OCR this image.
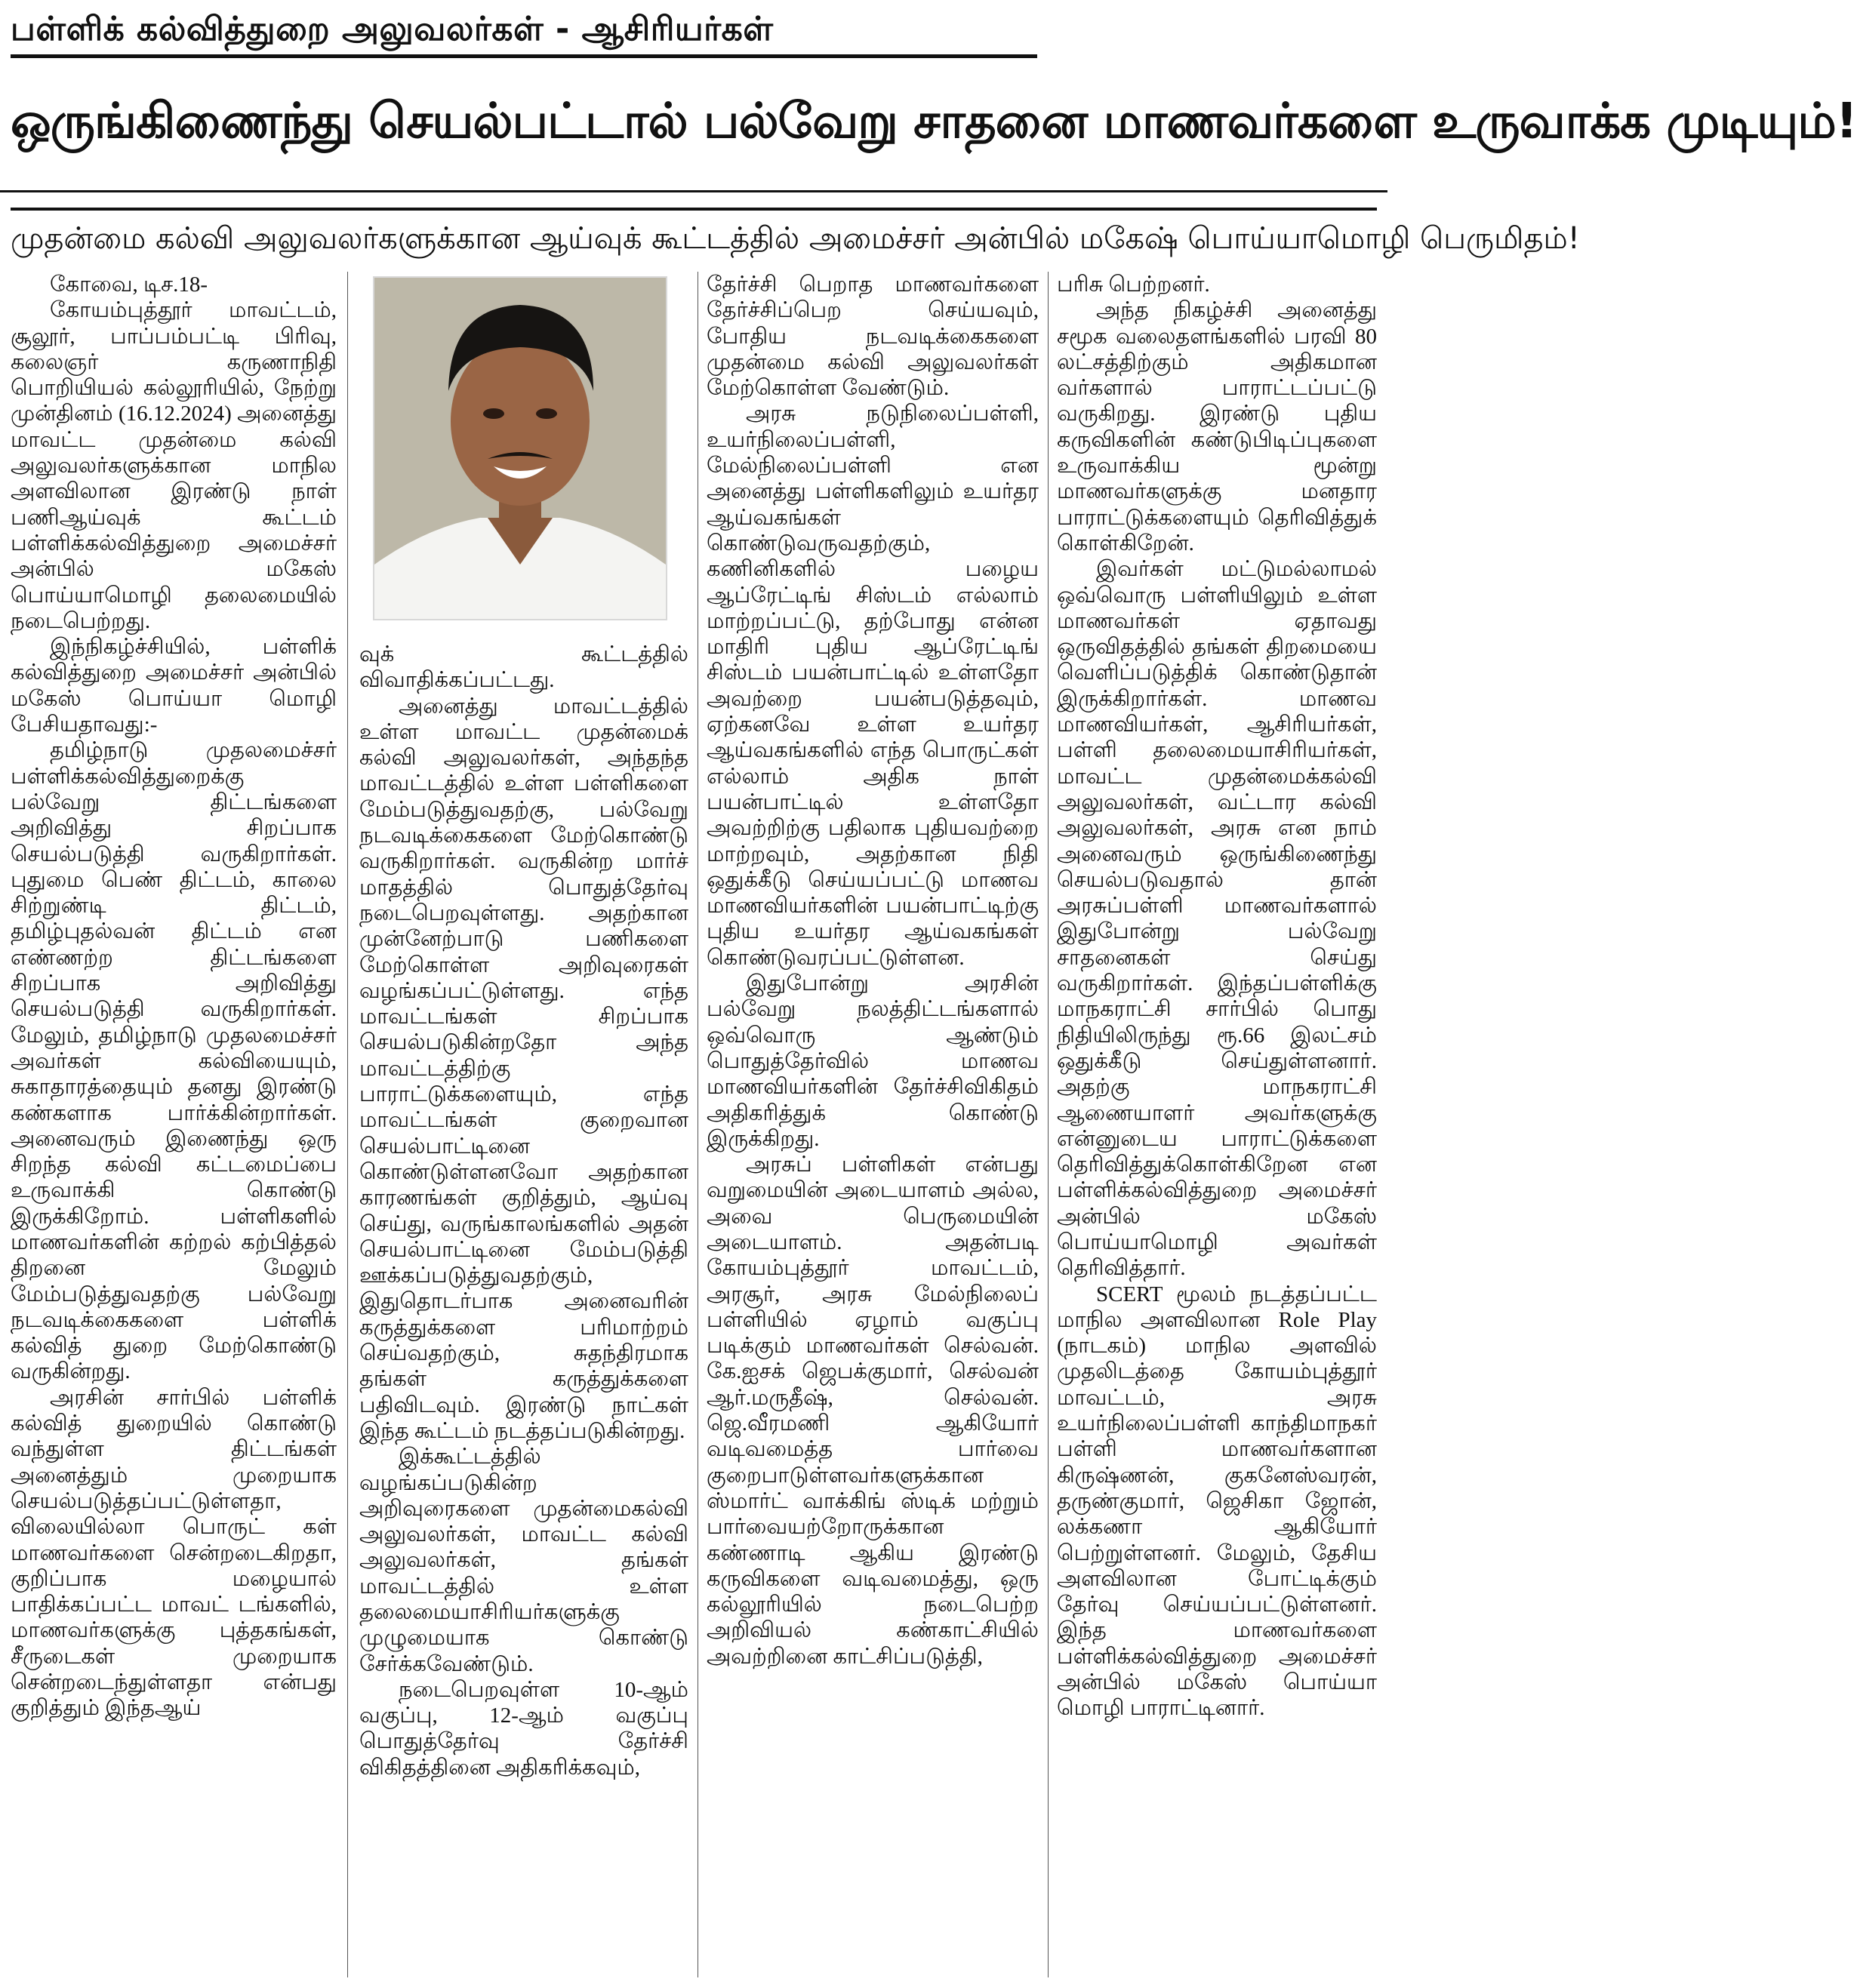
பள்ளிக் கல்வித்துறை அலுவலர்கள் - ஆசிரியர்கள்
ஒருங்கிணைந்து செயல்பட்டால் பல்வேறு சாதனை மாணவர்களை உருவாக்க முடியும்!
முதன்மை கல்வி அலுவலர்களுக்கான ஆய்வுக் கூட்டத்தில் அமைச்சர் அன்பில் மகேஷ் பொய்யாமொழி பெருமிதம்!

கோவை, டிச.18-

கோயம்புத்தூர் மாவட்டம், சூலூர், பாப்பம்பட்டி பிரிவு, கலைஞர் கருணாநிதி பொறியியல் கல்லூரியில், நேற்று முன்தினம் (16.12.2024) அனைத்து மாவட்ட முதன்மை கல்வி அலுவலர்களுக்கான மாநில அளவிலான இரண்டு நாள் பணிஆய்வுக் கூட்டம் பள்ளிக்கல்வித்துறை அமைச்சர் அன்பில் மகேஸ் பொய்யாமொழி தலைமையில் நடைபெற்றது.

இந்நிகழ்ச்சியில், பள்ளிக் கல்வித்துறை அமைச்சர் அன்பில் மகேஸ் பொய்யா மொழி பேசியதாவது:-

தமிழ்நாடு முதலமைச்சர் பள்ளிக்கல்வித்துறைக்கு பல்வேறு திட்டங்களை அறிவித்து சிறப்பாக செயல்படுத்தி வருகிறார்கள். புதுமை பெண் திட்டம், காலை சிற்றுண்டி திட்டம், தமிழ்புதல்வன் திட்டம் என எண்ணற்ற திட்டங்களை சிறப்பாக அறிவித்து செயல்படுத்தி வருகிறார்கள். மேலும், தமிழ்நாடு முதலமைச்சர் அவர்கள் கல்வியையும், சுகாதாரத்தையும் தனது இரண்டு கண்களாக பார்க்கின்றார்கள். அனைவரும் இணைந்து ஒரு சிறந்த கல்வி கட்டமைப்பை உருவாக்கி கொண்டு இருக்கிறோம். பள்ளிகளில் மாணவர்களின் கற்றல் கற்பித்தல் திறனை மேலும் மேம்படுத்துவதற்கு பல்வேறு நடவடிக்கைகளை பள்ளிக் கல்வித் துறை மேற்கொண்டு வருகின்றது.

அரசின் சார்பில் பள்ளிக் கல்வித் துறையில் கொண்டு வந்துள்ள திட்டங்கள் அனைத்தும் முறையாக செயல்படுத்தப்பட்டுள்ளதா, விலையில்லா பொருட் கள் மாணவர்களை சென்றடைகிறதா, குறிப்பாக மழையால் பாதிக்கப்பட்ட மாவட் டங்களில், மாணவர்களுக்கு புத்தகங்கள், சீருடைகள் முறையாக சென்றடைந்துள்ளதா என்பது குறித்தும் இந்தஆய்

வுக் கூட்டத்தில் விவாதிக்கப்பட்டது.

அனைத்து மாவட்டத்தில் உள்ள மாவட்ட முதன்மைக் கல்வி அலுவலர்கள், அந்தந்த மாவட்டத்தில் உள்ள பள்ளிகளை மேம்படுத்துவதற்கு, பல்வேறு நடவடிக்கைகளை மேற்கொண்டு வருகிறார்கள். வருகின்ற மார்ச் மாதத்தில் பொதுத்தேர்வு நடைபெறவுள்ளது. அதற்கான முன்னேற்பாடு பணிகளை மேற்கொள்ள அறிவுரைகள் வழங்கப்பட்டுள்ளது. எந்த மாவட்டங்கள் சிறப்பாக செயல்படுகின்றதோ அந்த மாவட்டத்திற்கு பாராட்டுக்களையும், எந்த மாவட்டங்கள் குறைவான செயல்பாட்டினை கொண்டுள்ளனவோ அதற்கான காரணங்கள் குறித்தும், ஆய்வு செய்து, வருங்காலங்களில் அதன் செயல்பாட்டினை மேம்படுத்தி ஊக்கப்படுத்துவதற்கும், இதுதொடர்பாக அனைவரின் கருத்துக்களை பரிமாற்றம் செய்வதற்கும், சுதந்திரமாக தங்கள் கருத்துக்களை பதிவிடவும். இரண்டு நாட்கள் இந்த கூட்டம் நடத்தப்படுகின்றது.

இக்கூட்டத்தில் வழங்கப்படுகின்ற அறிவுரைகளை முதன்மைகல்வி அலுவலர்கள், மாவட்ட கல்வி அலுவலர்கள், தங்கள் மாவட்டத்தில் உள்ள தலைமையாசிரியர்களுக்கு முழுமையாக கொண்டு சேர்க்கவேண்டும்.

நடைபெறவுள்ள 10-ஆம் வகுப்பு, 12-ஆம் வகுப்பு பொதுத்தேர்வு தேர்ச்சி விகிதத்தினை அதிகரிக்கவும்,

தேர்ச்சி பெறாத மாணவர்களை தேர்ச்சிப்பெற செய்யவும், போதிய நடவடிக்கைகளை முதன்மை கல்வி அலுவலர்கள் மேற்கொள்ள வேண்டும்.

அரசு நடுநிலைப்பள்ளி, உயர்நிலைப்பள்ளி, மேல்நிலைப்பள்ளி என அனைத்து பள்ளிகளிலும் உயர்தர ஆய்வகங்கள் கொண்டுவருவதற்கும், கணினிகளில் பழைய ஆப்ரேட்டிங் சிஸ்டம் எல்லாம் மாற்றப்பட்டு, தற்போது என்ன மாதிரி புதிய ஆப்ரேட்டிங் சிஸ்டம் பயன்பாட்டில் உள்ளதோ அவற்றை பயன்படுத்தவும், ஏற்கனவே உள்ள உயர்தர ஆய்வகங்களில் எந்த பொருட்கள் எல்லாம் அதிக நாள் பயன்பாட்டில் உள்ளதோ அவற்றிற்கு பதிலாக புதியவற்றை மாற்றவும், அதற்கான நிதி ஒதுக்கீடு செய்யப்பட்டு மாணவ மாணவியர்களின் பயன்பாட்டிற்கு புதிய உயர்தர ஆய்வகங்கள் கொண்டுவரப்பட்டுள்ளன.

இதுபோன்று அரசின் பல்வேறு நலத்திட்டங்களால் ஒவ்வொரு ஆண்டும் பொதுத்தேர்வில் மாணவ மாணவியர்களின் தேர்ச்சிவிகிதம் அதிகரித்துக் கொண்டு இருக்கிறது.

அரசுப் பள்ளிகள் என்பது வறுமையின் அடையாளம் அல்ல, அவை பெருமையின் அடையாளம். அதன்படி கோயம்புத்தூர் மாவட்டம், அரசூர், அரசு மேல்நிலைப் பள்ளியில் ஏழாம் வகுப்பு படிக்கும் மாணவர்கள் செல்வன். கே.ஐசக் ஜெபக்குமார், செல்வன் ஆர்.மருதீஷ், செல்வன். ஜெ.வீரமணி ஆகியோர் வடிவமைத்த பார்வை குறைபாடுள்ளவர்களுக்கான ஸ்மார்ட் வாக்கிங் ஸ்டிக் மற்றும் பார்வையற்றோருக்கான கண்ணாடி ஆகிய இரண்டு கருவிகளை வடிவமைத்து, ஒரு கல்லூரியில் நடைபெற்ற அறிவியல் கண்காட்சியில் அவற்றினை காட்சிப்படுத்தி,

பரிசு பெற்றனர்.

அந்த நிகழ்ச்சி அனைத்து சமூக வலைதளங்களில் பரவி 80 லட்சத்திற்கும் அதிகமான வர்களால் பாராட்டப்பட்டு வருகிறது. இரண்டு புதிய கருவிகளின் கண்டுபிடிப்புகளை உருவாக்கிய மூன்று மாணவர்களுக்கு மனதார பாராட்டுக்களையும் தெரிவித்துக் கொள்கிறேன்.

இவர்கள் மட்டுமல்லாமல் ஒவ்வொரு பள்ளியிலும் உள்ள மாணவர்கள் ஏதாவது ஒருவிதத்தில் தங்கள் திறமையை வெளிப்படுத்திக் கொண்டுதான் இருக்கிறார்கள். மாணவ மாணவியர்கள், ஆசிரியர்கள், பள்ளி தலைமையாசிரியர்கள், மாவட்ட முதன்மைக்கல்வி அலுவலர்கள், வட்டார கல்வி அலுவலர்கள், அரசு என நாம் அனைவரும் ஒருங்கிணைந்து செயல்படுவதால் தான் அரசுப்பள்ளி மாணவர்களால் இதுபோன்று பல்வேறு சாதனைகள் செய்து வருகிறார்கள். இந்தப்பள்ளிக்கு மாநகராட்சி சார்பில் பொது நிதியிலிருந்து ரூ.66 இலட்சம் ஒதுக்கீடு செய்துள்ளனார். அதற்கு மாநகராட்சி ஆணையாளர் அவர்களுக்கு என்னுடைய பாராட்டுக்களை தெரிவித்துக்கொள்கிறேன என பள்ளிக்கல்வித்துறை அமைச்சர் அன்பில் மகேஸ் பொய்யாமொழி அவர்கள் தெரிவித்தார்.

SCERT மூலம் நடத்தப்பட்ட மாநில அளவிலான Role Play (நாடகம்) மாநில அளவில் முதலிடத்தை கோயம்புத்தூர் மாவட்டம், அரசு உயர்நிலைப்பள்ளி காந்திமாநகர் பள்ளி மாணவர்களான கிருஷ்ணன், குகனேஸ்வரன், தருண்குமார், ஜெசிகா ஜோன், லக்கணா ஆகியோர் பெற்றுள்ளனர். மேலும், தேசிய அளவிலான போட்டிக்கும் தேர்வு செய்யப்பட்டுள்ளனர். இந்த மாணவர்களை பள்ளிக்கல்வித்துறை அமைச்சர் அன்பில் மகேஸ் பொய்யா மொழி பாராட்டினார்.
